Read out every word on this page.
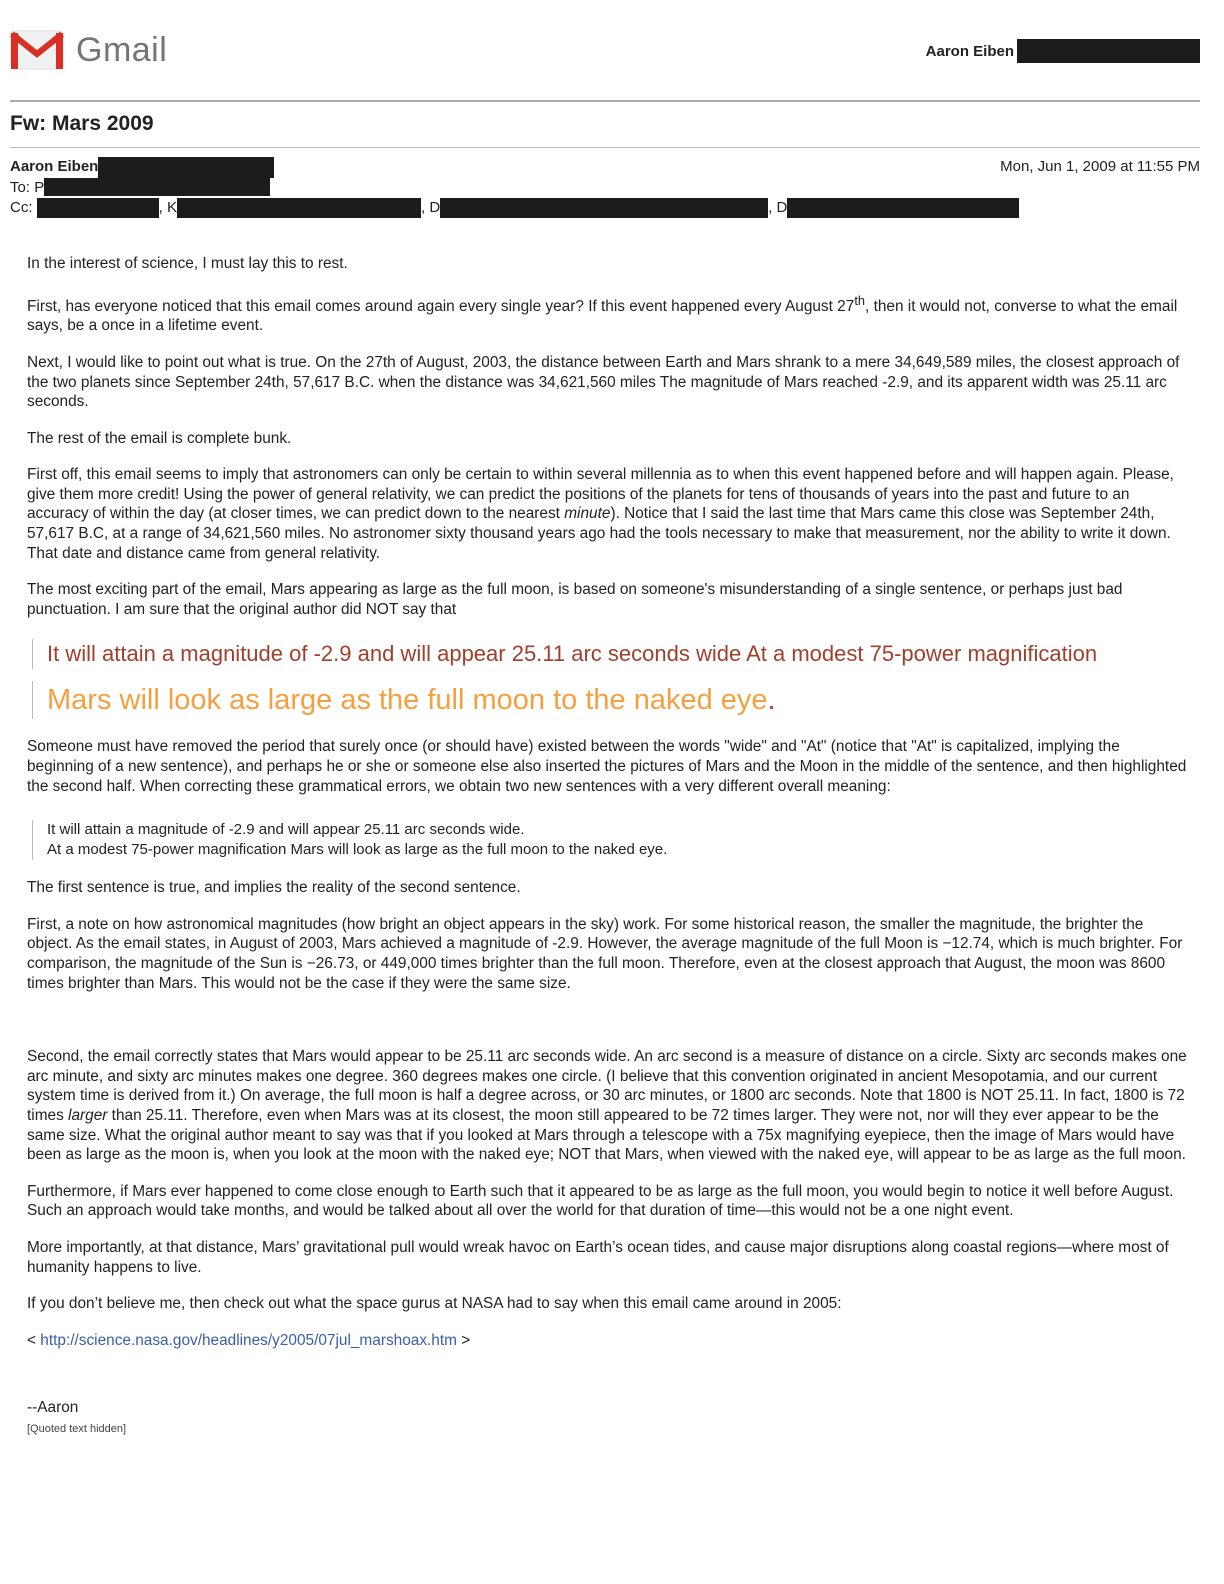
Gmail	Aaron Eiben
Fw: Mars 2009
Aaron Eiben	Mon, Jun 1, 2009 at 11:55 PM
To: P
Cc:	, K	, D	, D

In the interest of science, I must lay this to rest.

First, has everyone noticed that this email comes around again every single year? If this event happened every August 27th, then it would not, converse to what the email says, be a once in a lifetime event.

Next, I would like to point out what is true. On the 27th of August, 2003, the distance between Earth and Mars shrank to a mere 34,649,589 miles, the closest approach of the two planets since September 24th, 57,617 B.C. when the distance was 34,621,560 miles The magnitude of Mars reached -2.9, and its apparent width was 25.11 arc seconds.

The rest of the email is complete bunk.

First off, this email seems to imply that astronomers can only be certain to within several millennia as to when this event happened before and will happen again. Please, give them more credit! Using the power of general relativity, we can predict the positions of the planets for tens of thousands of years into the past and future to an accuracy of within the day (at closer times, we can predict down to the nearest minute). Notice that I said the last time that Mars came this close was September 24th, 57,617 B.C, at a range of 34,621,560 miles. No astronomer sixty thousand years ago had the tools necessary to make that measurement, nor the ability to write it down. That date and distance came from general relativity.

The most exciting part of the email, Mars appearing as large as the full moon, is based on someone's misunderstanding of a single sentence, or perhaps just bad punctuation. I am sure that the original author did NOT say that

It will attain a magnitude of -2.9 and will appear 25.11 arc seconds wide At a modest 75-power magnification
Mars will look as large as the full moon to the naked eye.

Someone must have removed the period that surely once (or should have) existed between the words "wide" and "At" (notice that "At" is capitalized, implying the beginning of a new sentence), and perhaps he or she or someone else also inserted the pictures of Mars and the Moon in the middle of the sentence, and then highlighted the second half. When correcting these grammatical errors, we obtain two new sentences with a very different overall meaning:

It will attain a magnitude of -2.9 and will appear 25.11 arc seconds wide.
At a modest 75-power magnification Mars will look as large as the full moon to the naked eye.

The first sentence is true, and implies the reality of the second sentence.

First, a note on how astronomical magnitudes (how bright an object appears in the sky) work. For some historical reason, the smaller the magnitude, the brighter the object. As the email states, in August of 2003, Mars achieved a magnitude of -2.9. However, the average magnitude of the full Moon is −12.74, which is much brighter. For comparison, the magnitude of the Sun is −26.73, or 449,000 times brighter than the full moon. Therefore, even at the closest approach that August, the moon was 8600 times brighter than Mars. This would not be the case if they were the same size.

Second, the email correctly states that Mars would appear to be 25.11 arc seconds wide. An arc second is a measure of distance on a circle. Sixty arc seconds makes one arc minute, and sixty arc minutes makes one degree. 360 degrees makes one circle. (I believe that this convention originated in ancient Mesopotamia, and our current system time is derived from it.) On average, the full moon is half a degree across, or 30 arc minutes, or 1800 arc seconds. Note that 1800 is NOT 25.11. In fact, 1800 is 72 times larger than 25.11. Therefore, even when Mars was at its closest, the moon still appeared to be 72 times larger. They were not, nor will they ever appear to be the same size. What the original author meant to say was that if you looked at Mars through a telescope with a 75x magnifying eyepiece, then the image of Mars would have been as large as the moon is, when you look at the moon with the naked eye; NOT that Mars, when viewed with the naked eye, will appear to be as large as the full moon.

Furthermore, if Mars ever happened to come close enough to Earth such that it appeared to be as large as the full moon, you would begin to notice it well before August. Such an approach would take months, and would be talked about all over the world for that duration of time—this would not be a one night event.

More importantly, at that distance, Mars’ gravitational pull would wreak havoc on Earth’s ocean tides, and cause major disruptions along coastal regions—where most of humanity happens to live.

If you don’t believe me, then check out what the space gurus at NASA had to say when this email came around in 2005:

< http://science.nasa.gov/headlines/y2005/07jul_marshoax.htm >

--Aaron
[Quoted text hidden]
